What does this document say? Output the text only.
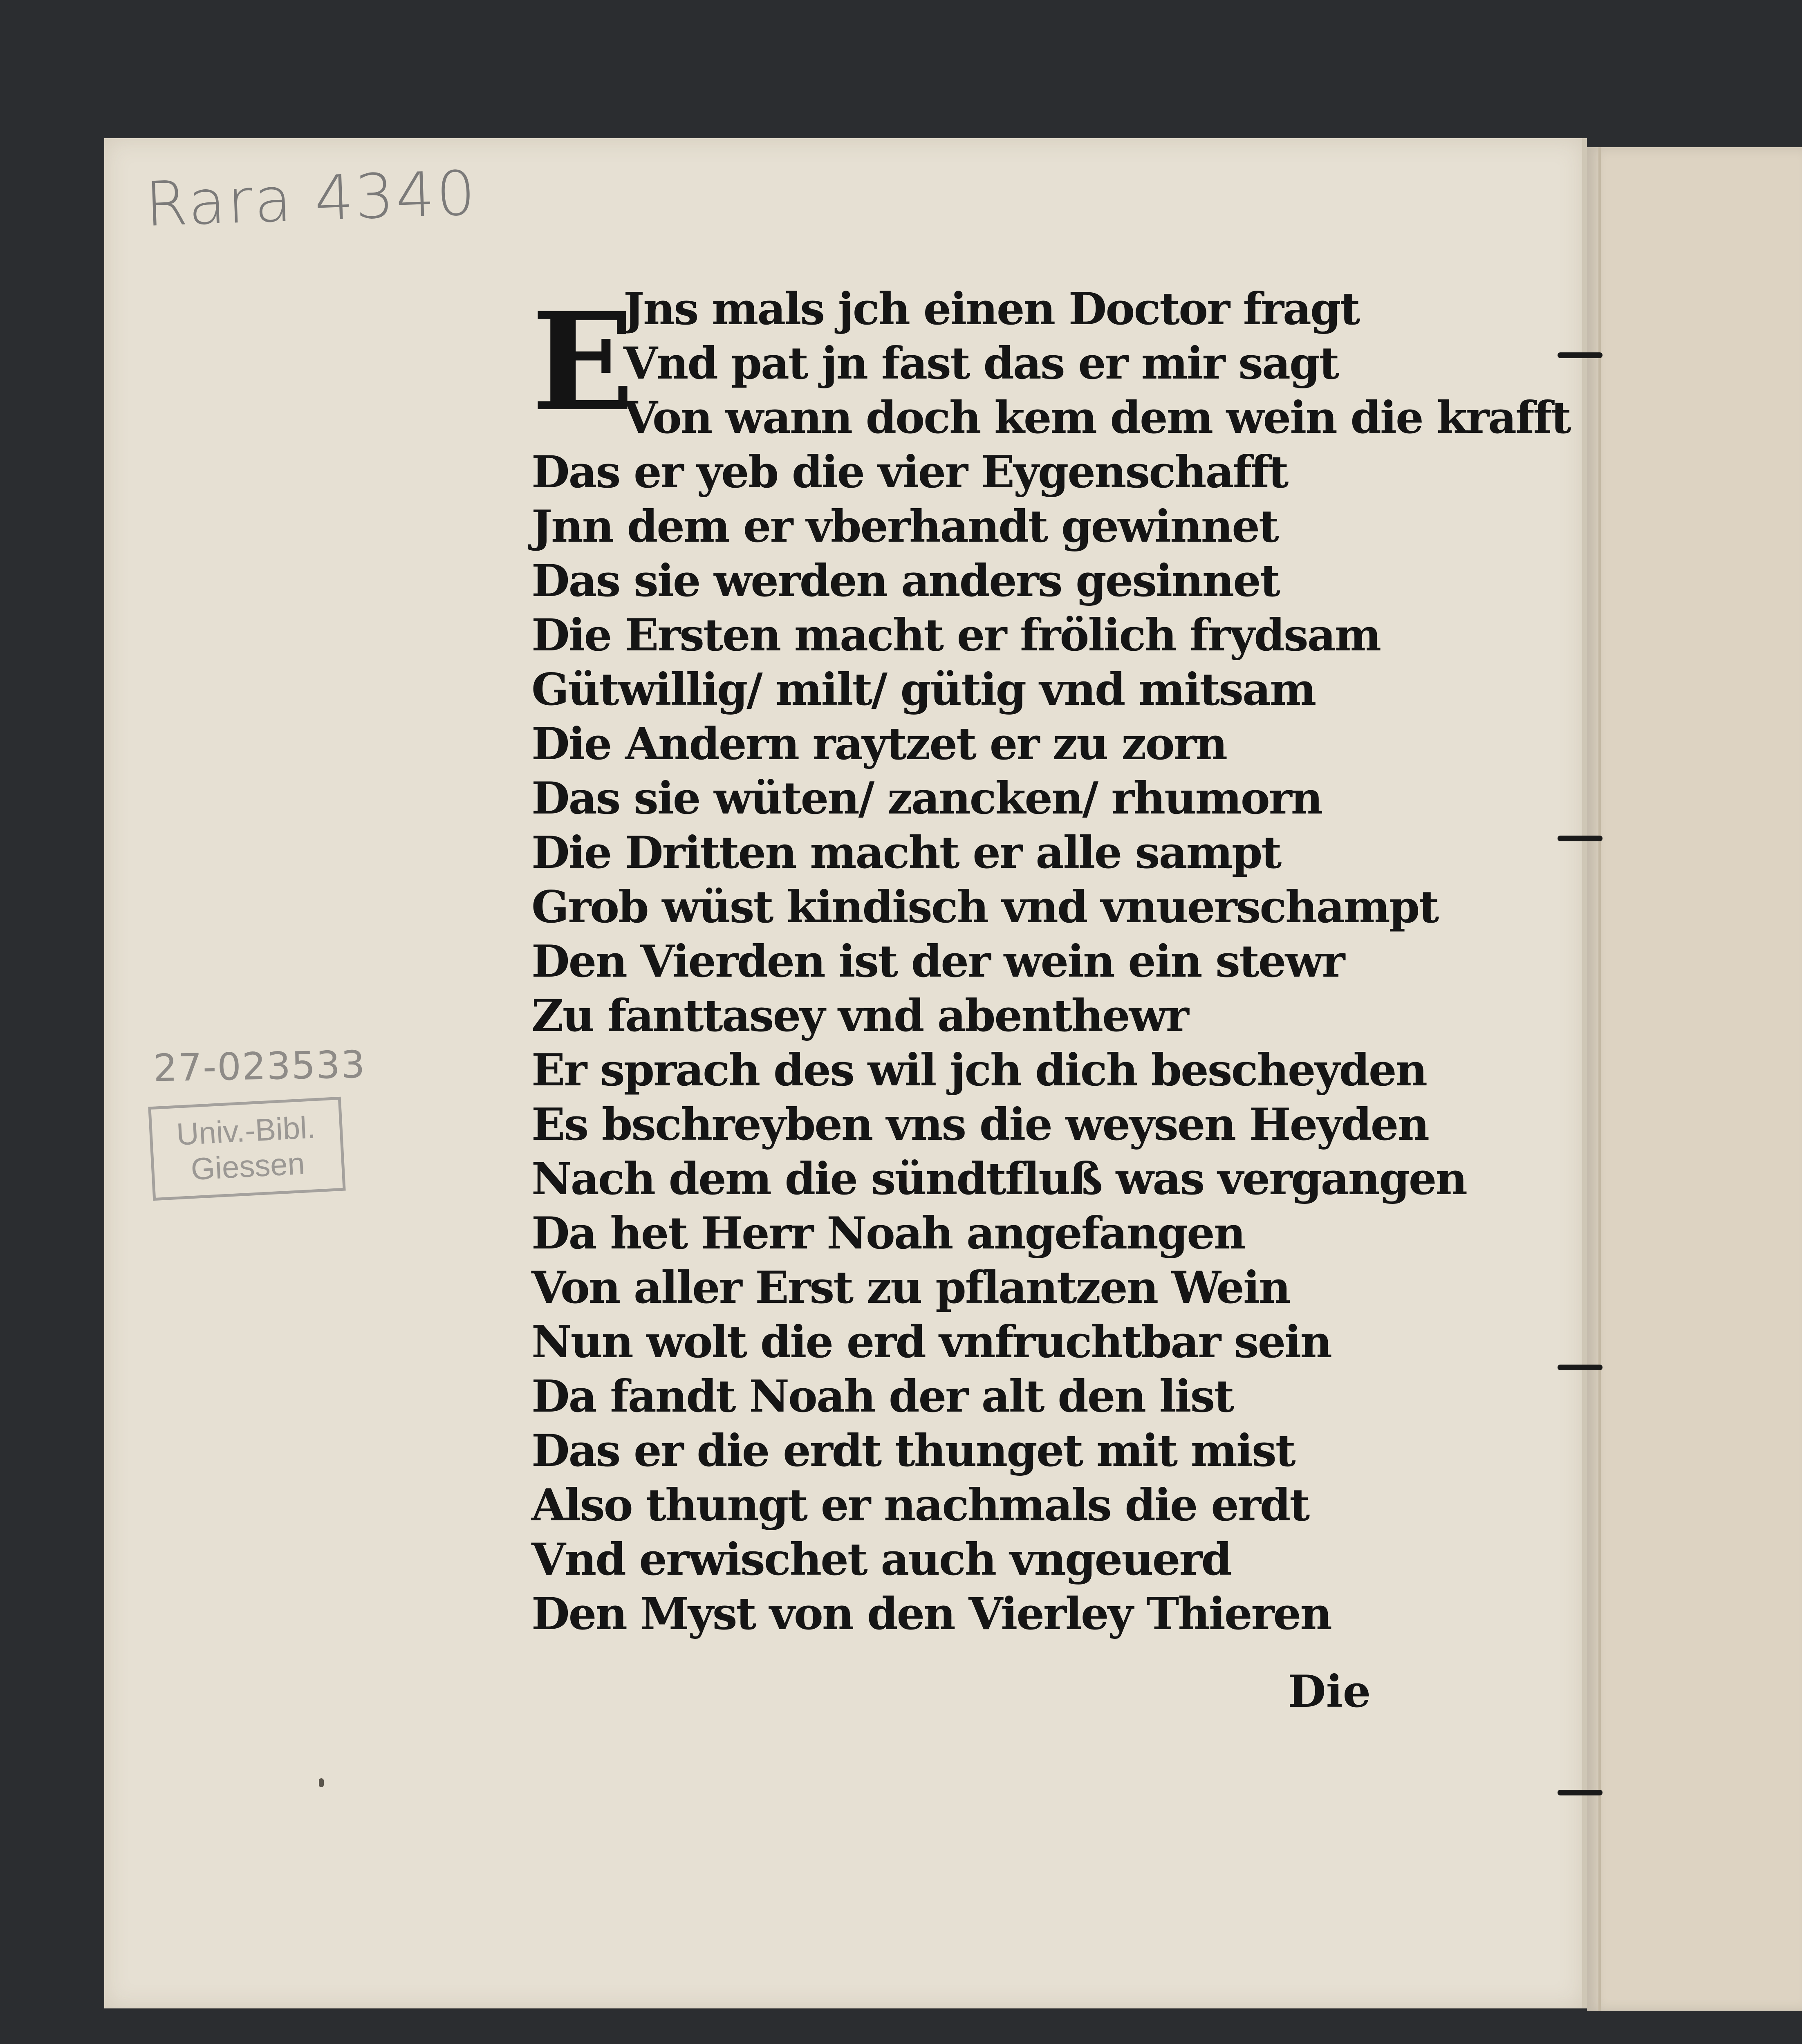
Rara 4340
27-023533
Univ.-Bibl.
Giessen
E
Jns mals jch einen Doctor fragt
Vnd pat jn fast das er mir sagt
Von wann doch kem dem wein die krafft
Das er yeb die vier Eygenschafft
Jnn dem er vberhandt gewinnet
Das sie werden anders gesinnet
Die Ersten macht er frölich frydsam
Gütwillig/ milt/ gütig vnd mitsam
Die Andern raytzet er zu zorn
Das sie wüten/ zancken/ rhumorn
Die Dritten macht er alle sampt
Grob wüst kindisch vnd vnuerschampt
Den Vierden ist der wein ein stewr
Zu fanttasey vnd abenthewr
Er sprach des wil jch dich bescheyden
Es bschreyben vns die weysen Heyden
Nach dem die sündtfluß was vergangen
Da het Herr Noah angefangen
Von aller Erst zu pflantzen Wein
Nun wolt die erd vnfruchtbar sein
Da fandt Noah der alt den list
Das er die erdt thunget mit mist
Also thungt er nachmals die erdt
Vnd erwischet auch vngeuerd
Den Myst von den Vierley Thieren
Die
